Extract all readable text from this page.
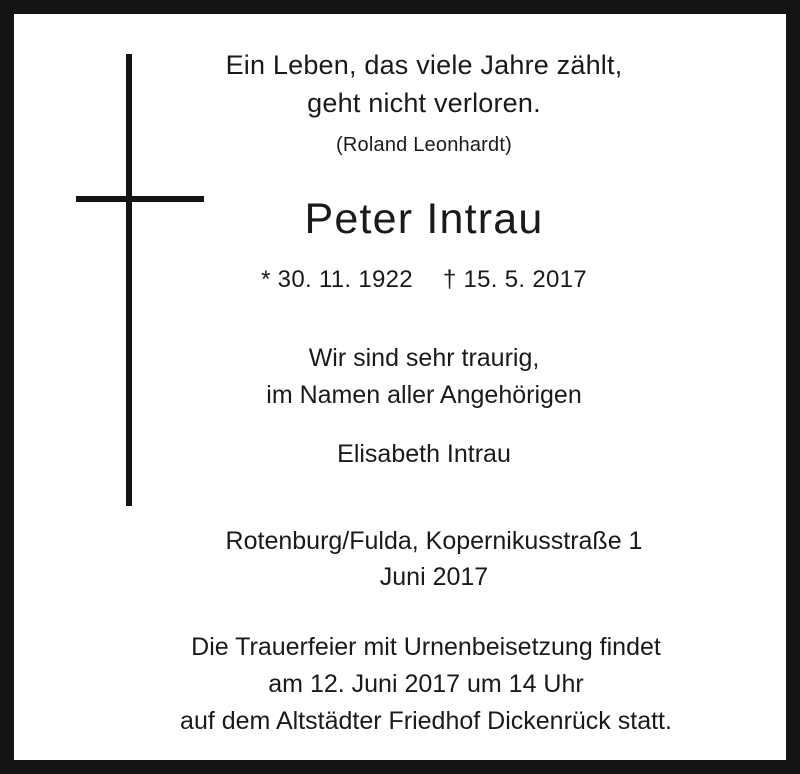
Ein Leben, das viele Jahre zählt,
geht nicht verloren.
(Roland Leonhardt)
Peter Intrau
* 30. 11. 1922 † 15. 5. 2017
Wir sind sehr traurig,
im Namen aller Angehörigen
Elisabeth Intrau
Rotenburg/Fulda, Kopernikusstraße 1
Juni 2017
Die Trauerfeier mit Urnenbeisetzung findet
am 12. Juni 2017 um 14 Uhr
auf dem Altstädter Friedhof Dickenrück statt.
